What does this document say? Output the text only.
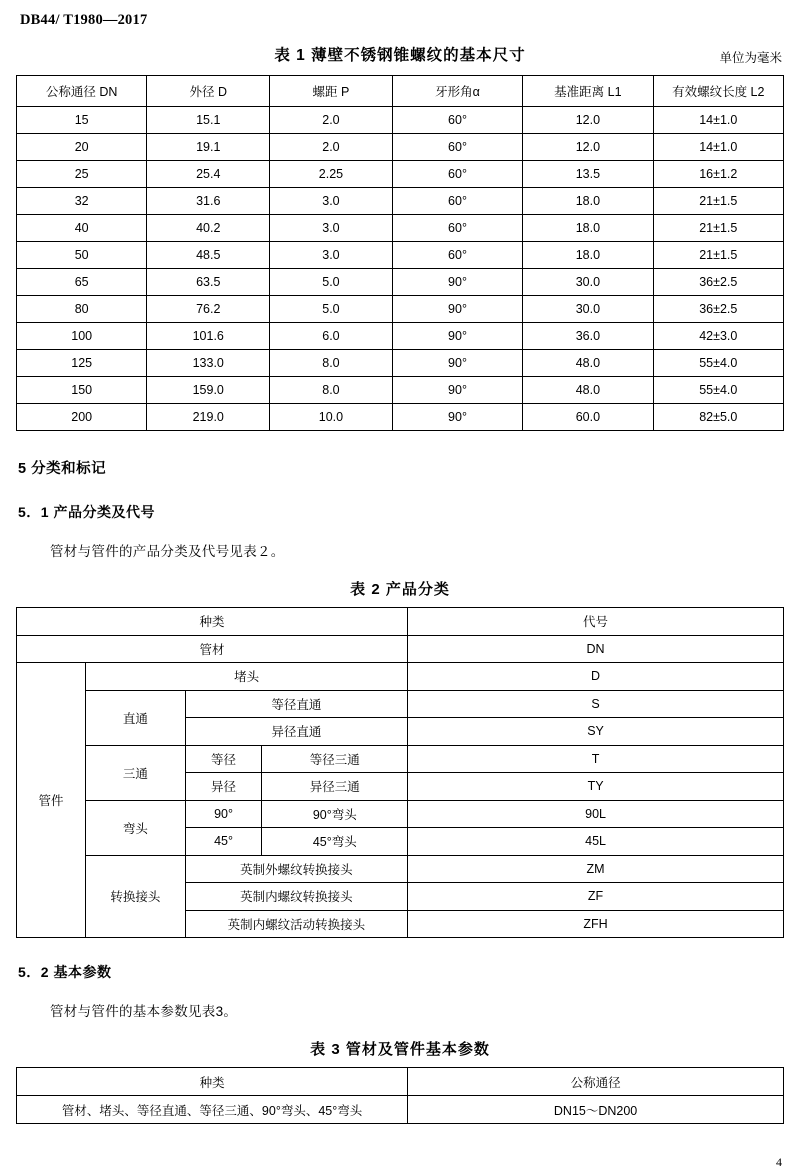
DB44/ T1980—2017
表 1 薄壁不锈钢锥螺纹的基本尺寸	单位为毫米
公称通径 DN	外径 D	螺距 P	牙形角α	基准距离 L1	有效螺纹长度 L2
15	15.1	2.0	60°	12.0	14±1.0
20	19.1	2.0	60°	12.0	14±1.0
25	25.4	2.25	60°	13.5	16±1.2
32	31.6	3.0	60°	18.0	21±1.5
40	40.2	3.0	60°	18.0	21±1.5
50	48.5	3.0	60°	18.0	21±1.5
65	63.5	5.0	90°	30.0	36±2.5
80	76.2	5.0	90°	30.0	36±2.5
100	101.6	6.0	90°	36.0	42±3.0
125	133.0	8.0	90°	48.0	55±4.0
150	159.0	8.0	90°	48.0	55±4.0
200	219.0	10.0	90°	60.0	82±5.0
5 分类和标记
5．1 产品分类及代号
管材与管件的产品分类及代号见表２。
表 2 产品分类
种类				代号
管材				DN
管件	堵头			D
	直通	等径直通		S
		异径直通		SY
	三通	等径	等径三通	T
		异径	异径三通	TY
	弯头	90°	90°弯头	90L
		45°	45°弯头	45L
	转换接头	英制外螺纹转换接头		ZM
		英制内螺纹转换接头		ZF
		英制内螺纹活动转换接头		ZFH
5．2 基本参数
管材与管件的基本参数见表3。
表 3 管材及管件基本参数
种类	公称通径
管材、堵头、等径直通、等径三通、90°弯头、45°弯头	DN15～DN200
4
